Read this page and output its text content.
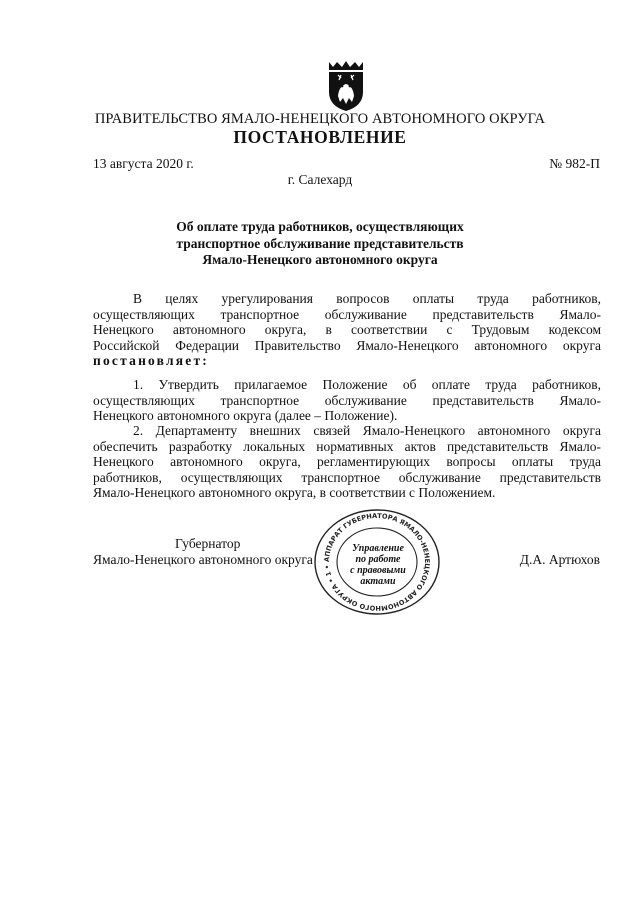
ПРАВИТЕЛЬСТВО ЯМАЛО-НЕНЕЦКОГО АВТОНОМНОГО ОКРУГА
ПОСТАНОВЛЕНИЕ
13 августа 2020 г.	№ 982-П
г. Салехард
Об оплате труда работников, осуществляющих
транспортное обслуживание представительств
Ямало-Ненецкого автономного округа
В целях урегулирования вопросов оплаты труда работников,
осуществляющих транспортное обслуживание представительств Ямало-
Ненецкого автономного округа, в соответствии с Трудовым кодексом
Российской Федерации Правительство Ямало-Ненецкого автономного округа
постановляет:
1. Утвердить прилагаемое Положение об оплате труда работников,
осуществляющих транспортное обслуживание представительств Ямало-
Ненецкого автономного округа (далее – Положение).
2. Департаменту внешних связей Ямало-Ненецкого автономного округа
обеспечить разработку локальных нормативных актов представительств Ямало-
Ненецкого автономного округа, регламентирующих вопросы оплаты труда
работников, осуществляющих транспортное обслуживание представительств
Ямало-Ненецкого автономного округа, в соответствии с Положением.
Губернатор
Ямало-Ненецкого автономного округа	Д.А. Артюхов
АППАРАТ ГУБЕРНАТОРА ЯМАЛО-НЕНЕЦКОГО АВТОНОМНОГО ОКРУГА • 1 •
Управление
по работе
с правовыми
актами
